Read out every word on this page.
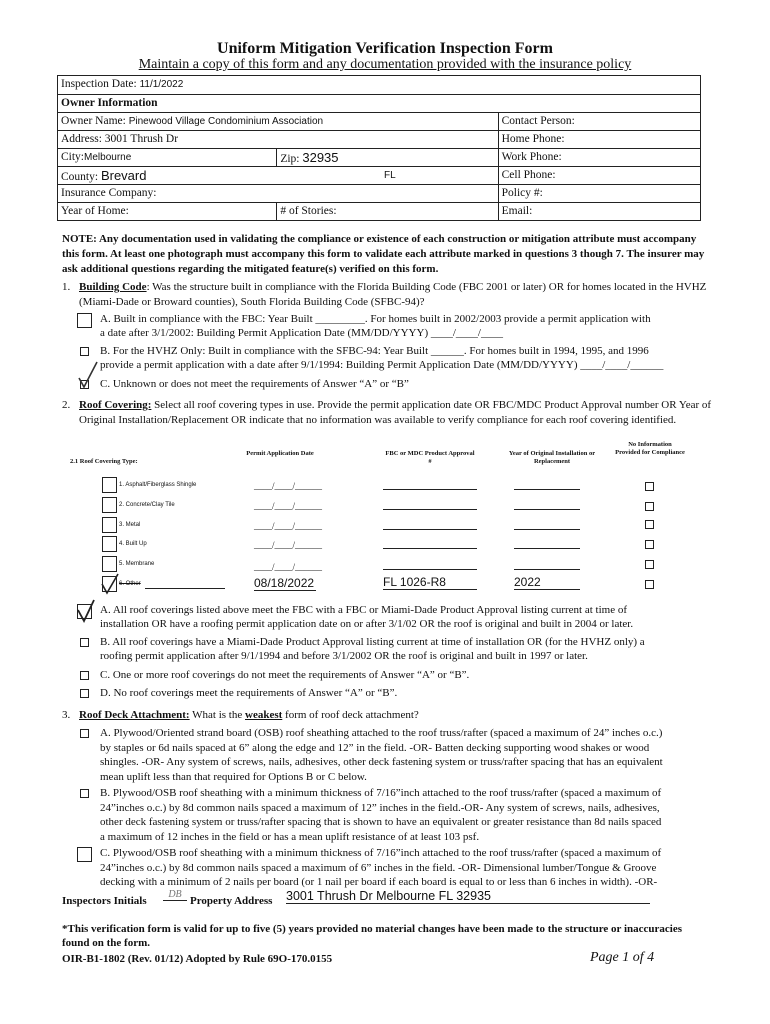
Uniform Mitigation Verification Inspection Form
Maintain a copy of this form and any documentation provided with the insurance policy
Inspection Date: 11/1/2022
Owner Information
Owner Name: Pinewood Village Condominium Association	Contact Person:
Address: 3001 Thrush Dr	Home Phone:
City:Melbourne	Zip: 32935	Work Phone:
County: Brevard	FL	Cell Phone:
Insurance Company:	Policy #:
Year of Home:	# of Stories:	Email:
NOTE: Any documentation used in validating the compliance or existence of each construction or mitigation attribute must accompany this form. At least one photograph must accompany this form to validate each attribute marked in questions 3 though 7. The insurer may ask additional questions regarding the mitigated feature(s) verified on this form.
1. Building Code: Was the structure built in compliance with the Florida Building Code (FBC 2001 or later) OR for homes located in the HVHZ (Miami-Dade or Broward counties), South Florida Building Code (SFBC-94)?
A. Built in compliance with the FBC: Year Built _________. For homes built in 2002/2003 provide a permit application with
a date after 3/1/2002: Building Permit Application Date (MM/DD/YYYY) ____/____/____
B. For the HVHZ Only: Built in compliance with the SFBC-94: Year Built ______. For homes built in 1994, 1995, and 1996
provide a permit application with a date after 9/1/1994: Building Permit Application Date (MM/DD/YYYY) ____/____/______
C. Unknown or does not meet the requirements of Answer “A” or “B”
2. Roof Covering: Select all roof covering types in use. Provide the permit application date OR FBC/MDC Product Approval number OR Year of Original Installation/Replacement OR indicate that no information was available to verify compliance for each roof covering identified.
2.1 Roof Covering Type:
Permit Application Date	FBC or MDC Product Approval #
Year of Original Installation or Replacement
No Information Provided for Compliance
1. Asphalt/Fiberglass Shingle	____/____/______
2. Concrete/Clay Tile	____/____/______
3. Metal	____/____/______
4. Built Up	____/____/______
5. Membrane	____/____/______
6. Other	08/18/2022	FL 1026-R8	2022
A. All roof coverings listed above meet the FBC with a FBC or Miami-Dade Product Approval listing current at time of
installation OR have a roofing permit application date on or after 3/1/02 OR the roof is original and built in 2004 or later.
B. All roof coverings have a Miami-Dade Product Approval listing current at time of installation OR (for the HVHZ only) a
roofing permit application after 9/1/1994 and before 3/1/2002 OR the roof is original and built in 1997 or later.
C. One or more roof coverings do not meet the requirements of Answer “A” or “B”.
D. No roof coverings meet the requirements of Answer “A” or “B”.
3. Roof Deck Attachment: What is the weakest form of roof deck attachment?
A. Plywood/Oriented strand board (OSB) roof sheathing attached to the roof truss/rafter (spaced a maximum of 24” inches o.c.)
by staples or 6d nails spaced at 6” along the edge and 12” in the field. -OR- Batten decking supporting wood shakes or wood
shingles. -OR- Any system of screws, nails, adhesives, other deck fastening system or truss/rafter spacing that has an equivalent
mean uplift less than that required for Options B or C below.
B. Plywood/OSB roof sheathing with a minimum thickness of 7/16”inch attached to the roof truss/rafter (spaced a maximum of
24”inches o.c.) by 8d common nails spaced a maximum of 12” inches in the field.-OR- Any system of screws, nails, adhesives,
other deck fastening system or truss/rafter spacing that is shown to have an equivalent or greater resistance than 8d nails spaced
a maximum of 12 inches in the field or has a mean uplift resistance of at least 103 psf.
C. Plywood/OSB roof sheathing with a minimum thickness of 7/16”inch attached to the roof truss/rafter (spaced a maximum of
24”inches o.c.) by 8d common nails spaced a maximum of 6” inches in the field. -OR- Dimensional lumber/Tongue & Groove
decking with a minimum of 2 nails per board (or 1 nail per board if each board is equal to or less than 6 inches in width). -OR-
Inspectors Initials
DB
Property Address 3001 Thrush Dr Melbourne FL 32935
*This verification form is valid for up to five (5) years provided no material changes have been made to the structure or inaccuracies found on the form.
OIR-B1-1802 (Rev. 01/12) Adopted by Rule 69O-170.0155	Page 1 of 4
